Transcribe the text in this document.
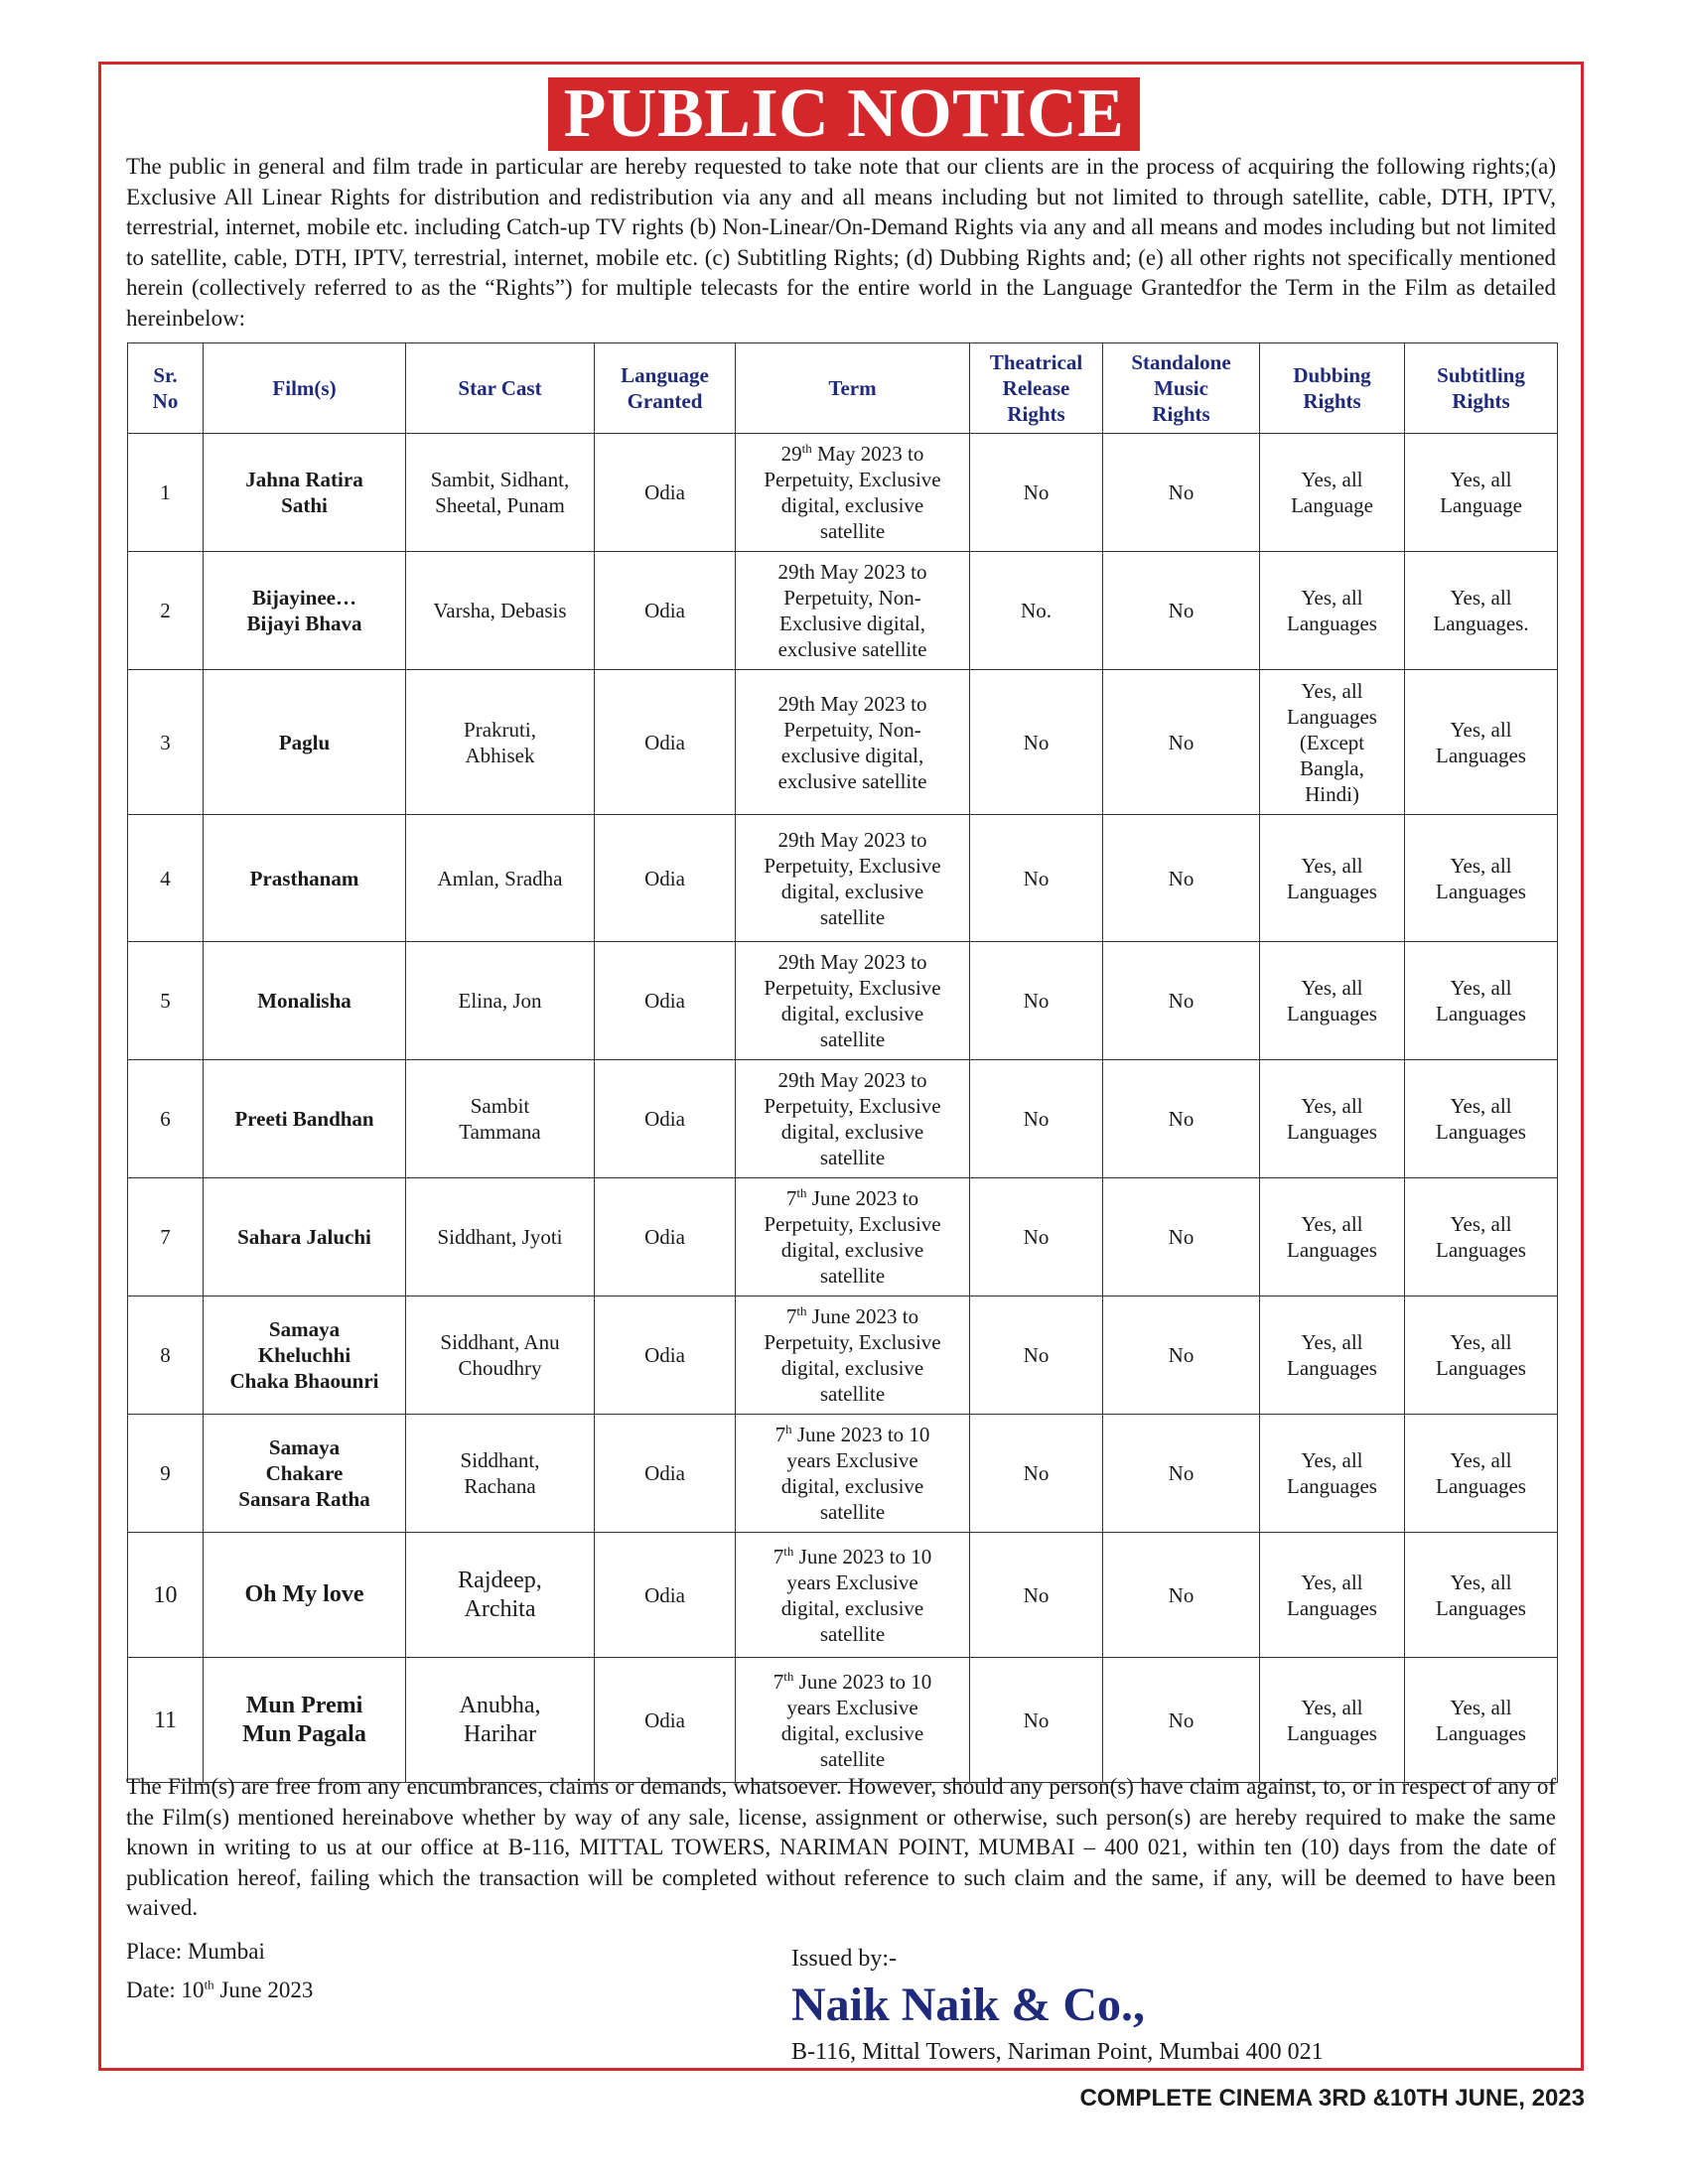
PUBLIC NOTICE

The public in general and film trade in particular are hereby requested to take note that our clients are in the process of acquiring the following rights;(a) Exclusive All Linear Rights for distribution and redistribution via any and all means including but not limited to through satellite, cable, DTH, IPTV, terrestrial, internet, mobile etc. including Catch-up TV rights (b) Non-Linear/On-Demand Rights via any and all means and modes including but not limited to satellite, cable, DTH, IPTV, terrestrial, internet, mobile etc. (c) Subtitling Rights; (d) Dubbing Rights and; (e) all other rights not specifically mentioned herein (collectively referred to as the “Rights”) for multiple telecasts for the entire world in the Language Grantedfor the Term in the Film as detailed hereinbelow:

Sr.
No	Film(s)	Star Cast	Language
Granted	Term	Theatrical
Release
Rights	Standalone
Music
Rights	Dubbing
Rights	Subtitling
Rights
1	Jahna Ratira
Sathi	Sambit, Sidhant,
Sheetal, Punam	Odia	29th May 2023 to
Perpetuity, Exclusive
digital, exclusive
satellite	No	No	Yes, all
Language	Yes, all
Language
2	Bijayinee…
Bijayi Bhava	Varsha, Debasis	Odia	29th May 2023 to
Perpetuity, Non-
Exclusive digital,
exclusive satellite	No.	No	Yes, all
Languages	Yes, all
Languages.
3	Paglu	Prakruti,
Abhisek	Odia	29th May 2023 to
Perpetuity, Non-
exclusive digital,
exclusive satellite	No	No	Yes, all
Languages
(Except
Bangla,
Hindi)	Yes, all
Languages
4	Prasthanam	Amlan, Sradha	Odia	29th May 2023 to
Perpetuity, Exclusive
digital, exclusive
satellite	No	No	Yes, all
Languages	Yes, all
Languages
5	Monalisha	Elina, Jon	Odia	29th May 2023 to
Perpetuity, Exclusive
digital, exclusive
satellite	No	No	Yes, all
Languages	Yes, all
Languages
6	Preeti Bandhan	Sambit
Tammana	Odia	29th May 2023 to
Perpetuity, Exclusive
digital, exclusive
satellite	No	No	Yes, all
Languages	Yes, all
Languages
7	Sahara Jaluchi	Siddhant, Jyoti	Odia	7th June 2023 to
Perpetuity, Exclusive
digital, exclusive
satellite	No	No	Yes, all
Languages	Yes, all
Languages
8	Samaya
Kheluchhi
Chaka Bhaounri	Siddhant, Anu
Choudhry	Odia	7th June 2023 to
Perpetuity, Exclusive
digital, exclusive
satellite	No	No	Yes, all
Languages	Yes, all
Languages
9	Samaya
Chakare
Sansara Ratha	Siddhant,
Rachana	Odia	7$^h$ June 2023 to 10
years Exclusive
digital, exclusive
satellite	No	No	Yes, all
Languages	Yes, all
Languages
10	Oh My love	Rajdeep,
Archita	Odia	7th June 2023 to 10
years Exclusive
digital, exclusive
satellite	No	No	Yes, all
Languages	Yes, all
Languages
11	Mun Premi
Mun Pagala	Anubha,
Harihar	Odia	7th June 2023 to 10
years Exclusive
digital, exclusive
satellite	No	No	Yes, all
Languages	Yes, all
Languages

The Film(s) are free from any encumbrances, claims or demands, whatsoever. However, should any person(s) have claim against, to, or in respect of any of the Film(s) mentioned hereinabove whether by way of any sale, license, assignment or otherwise, such person(s) are hereby required to make the same known in writing to us at our office at B-116, MITTAL TOWERS, NARIMAN POINT, MUMBAI – 400 021, within ten (10) days from the date of publication hereof, failing which the transaction will be completed without reference to such claim and the same, if any, will be deemed to have been waived.

Place: Mumbai
Date: 10th June 2023
Issued by:-
Naik Naik & Co.,
B-116, Mittal Towers, Nariman Point, Mumbai 400 021
COMPLETE CINEMA 3RD &10TH JUNE, 2023
